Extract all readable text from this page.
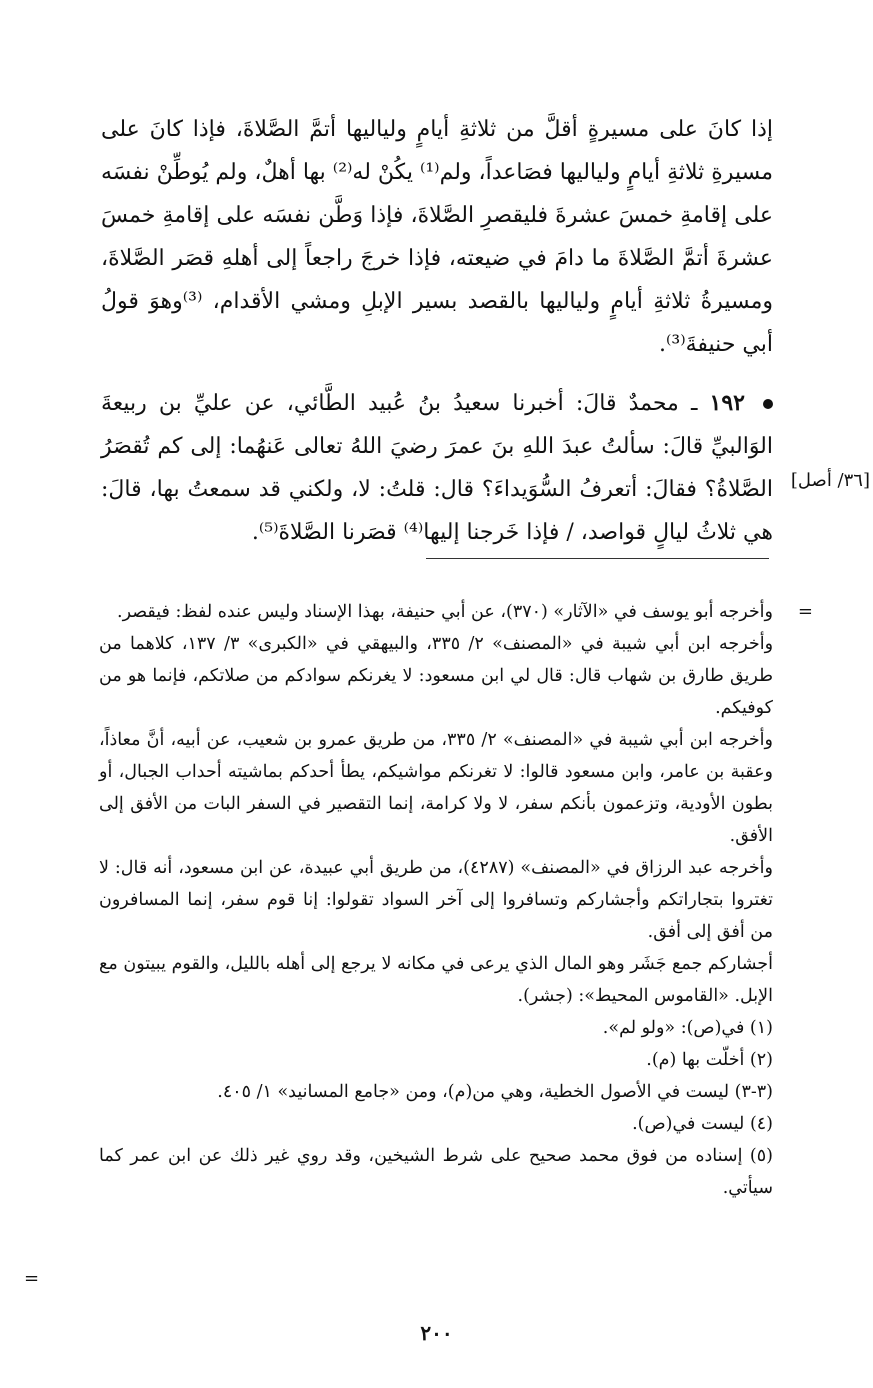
إذا كانَ على مسيرةٍ أقلَّ من ثلاثةِ أيامٍ ولياليها أتمَّ الصَّلاةَ، فإذا كانَ على مسيرةِ ثلاثةِ أيامٍ ولياليها فصَاعداً، ولم⁽¹⁾ يكُنْ له⁽²⁾ بها أهلٌ، ولم يُوطِّنْ نفسَه على إقامةِ خمسَ عشرةَ فليقصرِ الصَّلاةَ، فإذا وَطَّن نفسَه على إقامةِ خمسَ عشرةَ أتمَّ الصَّلاةَ ما دامَ في ضيعته، فإذا خرجَ راجعاً إلى أهلهِ قصَر الصَّلاةَ، ومسيرةُ ثلاثةِ أيامٍ ولياليها بالقصد بسير الإبلِ ومشي الأقدام، ⁽³⁾وهوَ قولُ أبي حنيفةَ⁽³⁾.

١٩٢ ـ محمدٌ قالَ: أخبرنا سعيدُ بنُ عُبيد الطَّائي، عن عليِّ بن ربيعةَ الوَالبيِّ قالَ: سألتُ عبدَ اللهِ بنَ عمرَ رضيَ اللهُ تعالى عَنهُما: إلى كم تُقصَرُ الصَّلاةُ؟ فقالَ: أتعرفُ السُّوَيداءَ؟ قال: قلتُ: لا، ولكني قد سمعتُ بها، قالَ: هي ثلاثُ ليالٍ قواصد، / فإذا خَرجنا إليها⁽⁴⁾ قصَرنا الصَّلاةَ⁽⁵⁾.

[٣٦/ أصل]
=

وأخرجه أبو يوسف في «الآثار» (٣٧٠)، عن أبي حنيفة، بهذا الإسناد وليس عنده لفظ: فيقصر.

وأخرجه ابن أبي شيبة في «المصنف» ٢/ ٣٣٥، والبيهقي في «الكبرى» ٣/ ١٣٧، كلاهما من طريق طارق بن شهاب قال: قال لي ابن مسعود: لا يغرنكم سوادكم من صلاتكم، فإنما هو من كوفيكم.

وأخرجه ابن أبي شيبة في «المصنف» ٢/ ٣٣٥، من طريق عمرو بن شعيب، عن أبيه، أنَّ معاذاً، وعقبة بن عامر، وابن مسعود قالوا: لا تغرنكم مواشيكم، يطأ أحدكم بماشيته أحداب الجبال، أو بطون الأودية، وتزعمون بأنكم سفر، لا ولا كرامة، إنما التقصير في السفر البات من الأفق إلى الأفق.

وأخرجه عبد الرزاق في «المصنف» (٤٢٨٧)، من طريق أبي عبيدة، عن ابن مسعود، أنه قال: لا تغتروا بتجاراتكم وأجشاركم وتسافروا إلى آخر السواد تقولوا: إنا قوم سفر، إنما المسافرون من أفق إلى أفق.

أجشاركم جمع جَشَر وهو المال الذي يرعى في مكانه لا يرجع إلى أهله بالليل، والقوم يبيتون مع الإبل. «القاموس المحيط»: (جشر).

(١) في(ص): «ولو لم».

(٢) أخلّت بها (م).

(٣-٣) ليست في الأصول الخطية، وهي من(م)، ومن «جامع المسانيد» ١/ ٤٠٥.

(٤) ليست في(ص).

(٥) إسناده من فوق محمد صحيح على شرط الشيخين، وقد روي غير ذلك عن ابن عمر كما سيأتي.

=
٢٠٠
